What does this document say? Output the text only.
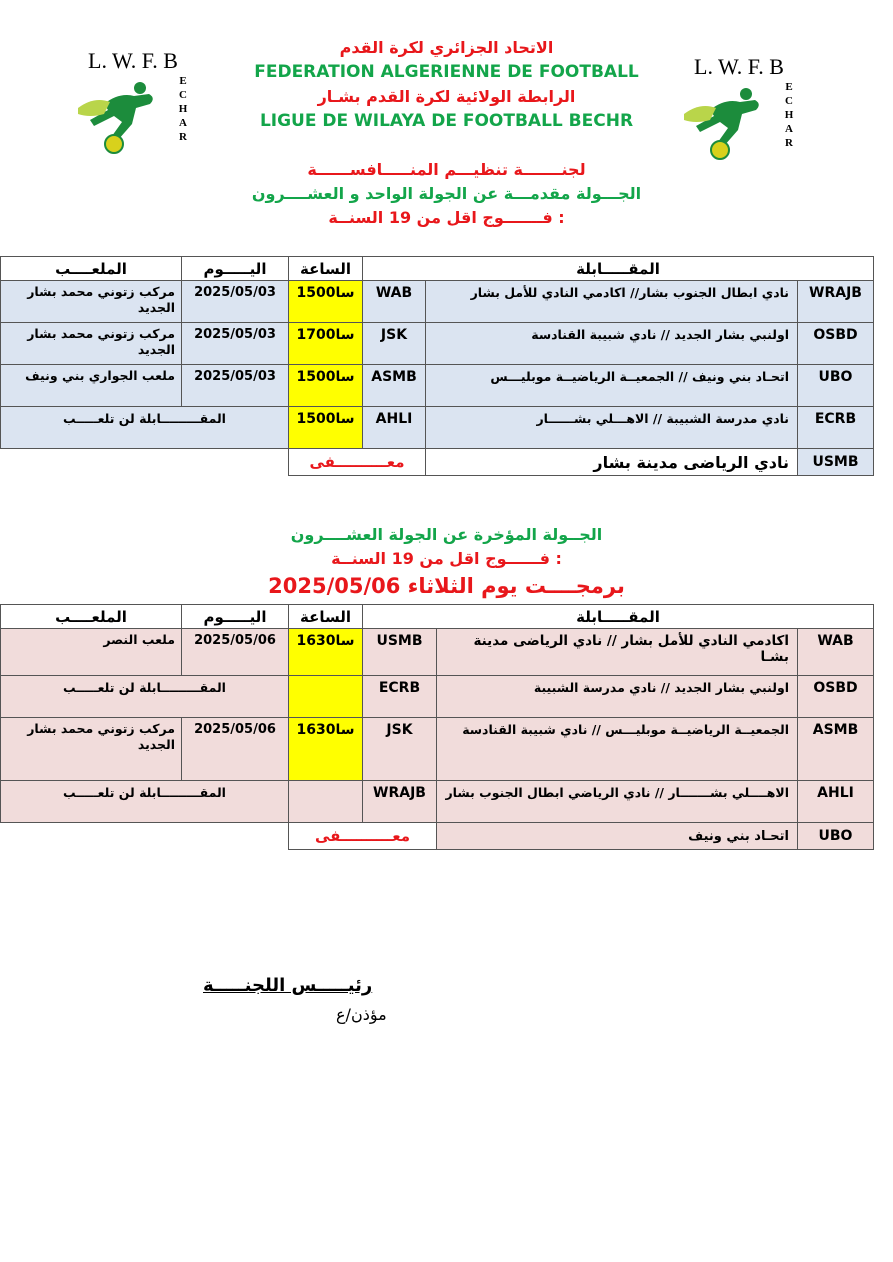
L. W. F. B
E
C
H
A
R
L. W. F. B
E
C
H
A
R
الاتحاد الجزائري لكرة القدم
FEDERATION ALGERIENNE DE FOOTBALL
الرابطة الولائية لكرة القدم بشـار
LIGUE DE WILAYA DE FOOTBALL BECHR
لجنـــــــة تنظيـــم المنـــــافســــــة
الجـــولة مقدمـــة عن الجولة الواحد و العشــــرون
فـــــــوج اقل من 19 السنــة :
الملعــــب	اليـــــوم	الساعة	المقـــــابلة		
مركب زتوني محمد بشار الجديد	2025/05/03	15سا00	WAB	نادي ابطال الجنوب بشار// اكادمي النادي للأمل بشار	WRAJB
مركب زتوني محمد بشار الجديد	2025/05/03	17سا00	JSK	اولنبي بشار الجديد // نادي شبيبة القنادسة	OSBD
ملعب الجواري بني ونيف	2025/05/03	15سا00	ASMB	اتحـاد بني ونيف // الجمعيــة الرياضيــة موبليـــس	UBO
المقـــــــــابلة لن تلعـــــب		15سا00	AHLI	نادي مدرسة الشبيبة // الاهـــلي بشــــــار	ECRB
		معــــــــــفى		نادي الرياضى مدينة بشار	USMB
الجــولة المؤخرة عن الجولة العشــــرون
فــــــوج اقل من 19 السنــة :
برمجــــت يوم الثلاثاء 2025/05/06
الملعــــب	اليـــــوم	الساعة	المقـــــابلة		
ملعب النصر	2025/05/06	16سا30	USMB	اكادمي النادي للأمل بشار // نادي الرياضى مدينة بشـا	WAB
المقـــــــــابلة لن تلعـــــب			ECRB	اولنبي بشار الجديد // نادي مدرسة الشبيبة	OSBD
مركب زتوني محمد بشار الجديد	2025/05/06	16سا30	JSK	الجمعيــة الرياضيــة موبليـــس // نادي شبيبة القنادسة	ASMB
المقـــــــــابلة لن تلعـــــب			WRAJB	الاهــــلي بشـــــــار // نادي الرياضي ابطال الجنوب بشار	AHLI
		معــــــــــفى		اتحـاد بني ونيف	UBO
رئيـــــس اللجنـــــة
مؤذن/ع
